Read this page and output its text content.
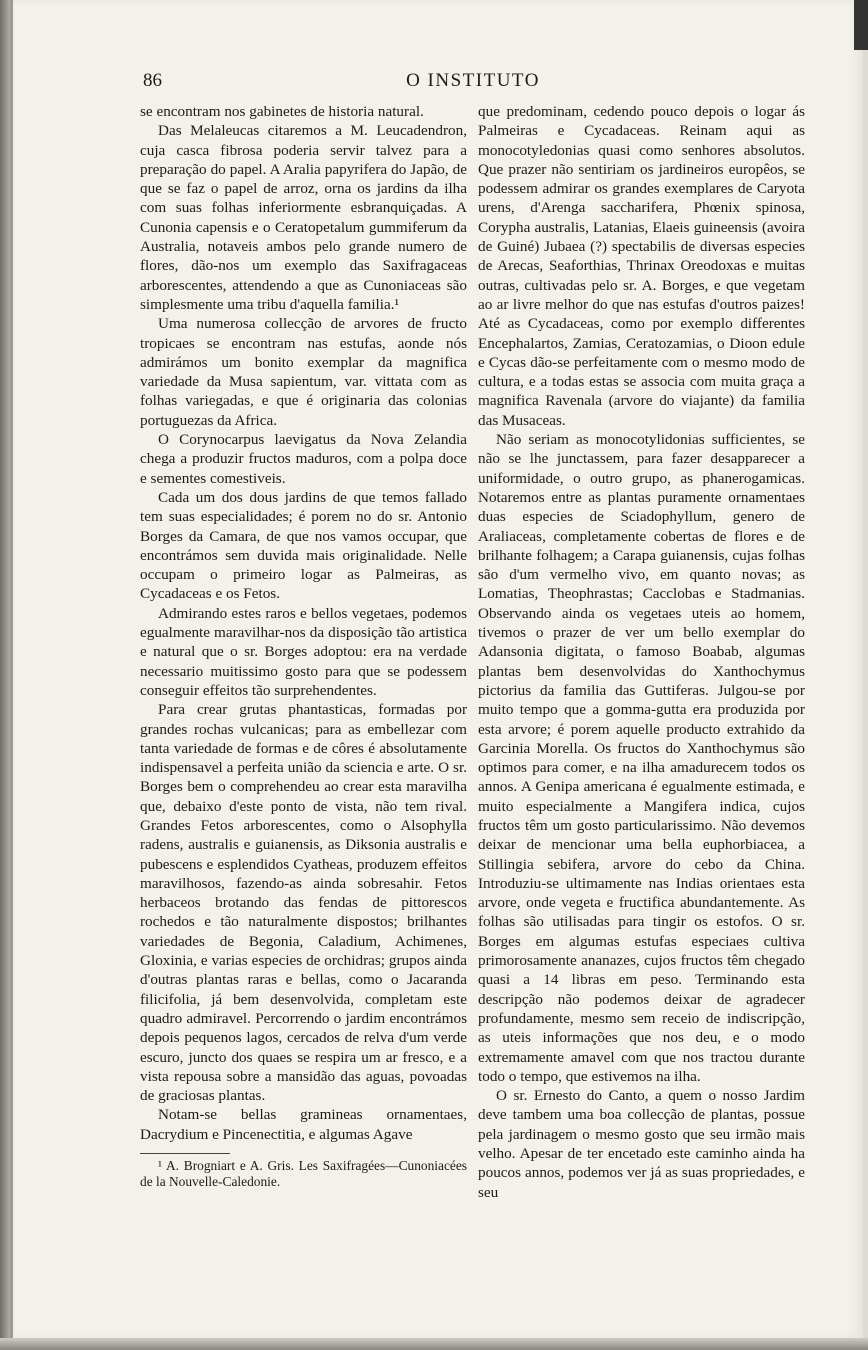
O INSTITUTO
86

se encontram nos gabinetes de historia natural.

Das Melaleucas citaremos a M. Leucadendron, cuja casca fibrosa poderia servir talvez para a preparação do papel. A Aralia papyrifera do Japão, de que se faz o papel de arroz, orna os jardins da ilha com suas folhas inferiormente esbranquiçadas. A Cunonia capensis e o Ceratopetalum gummiferum da Australia, notaveis ambos pelo grande numero de flores, dão-nos um exemplo das Saxifragaceas arborescentes, attendendo a que as Cunoniaceas são simplesmente uma tribu d'aquella familia.¹

Uma numerosa collecção de arvores de fructo tropicaes se encontram nas estufas, aonde nós admirámos um bonito exemplar da magnifica variedade da Musa sapientum, var. vittata com as folhas variegadas, e que é originaria das colonias portuguezas da Africa.

O Corynocarpus laevigatus da Nova Zelandia chega a produzir fructos maduros, com a polpa doce e sementes comestiveis.

Cada um dos dous jardins de que temos fallado tem suas especialidades; é porem no do sr. Antonio Borges da Camara, de que nos vamos occupar, que encontrámos sem duvida mais originalidade. Nelle occupam o primeiro logar as Palmeiras, as Cycadaceas e os Fetos.

Admirando estes raros e bellos vegetaes, podemos egualmente maravilhar-nos da disposição tão artistica e natural que o sr. Borges adoptou: era na verdade necessario muitissimo gosto para que se podessem conseguir effeitos tão surprehendentes.

Para crear grutas phantasticas, formadas por grandes rochas vulcanicas; para as embellezar com tanta variedade de formas e de côres é absolutamente indispensavel a perfeita união da sciencia e arte. O sr. Borges bem o comprehendeu ao crear esta maravilha que, debaixo d'este ponto de vista, não tem rival. Grandes Fetos arborescentes, como o Alsophylla radens, australis e guianensis, as Diksonia australis e pubescens e esplendidos Cyatheas, produzem effeitos maravilhosos, fazendo-as ainda sobresahir. Fetos herbaceos brotando das fendas de pittorescos rochedos e tão naturalmente dispostos; brilhantes variedades de Begonia, Caladium, Achimenes, Gloxinia, e varias especies de orchidras; grupos ainda d'outras plantas raras e bellas, como o Jacaranda filicifolia, já bem desenvolvida, completam este quadro admiravel. Percorrendo o jardim encontrámos depois pequenos lagos, cercados de relva d'um verde escuro, juncto dos quaes se respira um ar fresco, e a vista repousa sobre a mansidão das aguas, povoadas de graciosas plantas.

Notam-se bellas gramineas ornamentaes, Dacrydium e Pincenectitia, e algumas Agave

¹ A. Brogniart e A. Gris. Les Saxifragées—Cunoniacées de la Nouvelle-Caledonie.

que predominam, cedendo pouco depois o logar ás Palmeiras e Cycadaceas. Reinam aqui as monocotyledonias quasi como senhores absolutos. Que prazer não sentiriam os jardineiros europêos, se podessem admirar os grandes exemplares de Caryota urens, d'Arenga saccharifera, Phœnix spinosa, Corypha australis, Latanias, Elaeis guineensis (avoira de Guiné) Jubaea (?) spectabilis de diversas especies de Arecas, Seaforthias, Thrinax Oreodoxas e muitas outras, cultivadas pelo sr. A. Borges, e que vegetam ao ar livre melhor do que nas estufas d'outros paizes! Até as Cycadaceas, como por exemplo differentes Encephalartos, Zamias, Ceratozamias, o Dioon edule e Cycas dão-se perfeitamente com o mesmo modo de cultura, e a todas estas se associa com muita graça a magnifica Ravenala (arvore do viajante) da familia das Musaceas.

Não seriam as monocotylidonias sufficientes, se não se lhe junctassem, para fazer desapparecer a uniformidade, o outro grupo, as phanerogamicas. Notaremos entre as plantas puramente ornamentaes duas especies de Sciadophyllum, genero de Araliaceas, completamente cobertas de flores e de brilhante folhagem; a Carapa guianensis, cujas folhas são d'um vermelho vivo, em quanto novas; as Lomatias, Theophrastas; Cacclobas e Stadmanias. Observando ainda os vegetaes uteis ao homem, tivemos o prazer de ver um bello exemplar do Adansonia digitata, o famoso Boabab, algumas plantas bem desenvolvidas do Xanthochymus pictorius da familia das Guttiferas. Julgou-se por muito tempo que a gomma-gutta era produzida por esta arvore; é porem aquelle producto extrahido da Garcinia Morella. Os fructos do Xanthochymus são optimos para comer, e na ilha amadurecem todos os annos. A Genipa americana é egualmente estimada, e muito especialmente a Mangifera indica, cujos fructos têm um gosto particularissimo. Não devemos deixar de mencionar uma bella euphorbiacea, a Stillingia sebifera, arvore do cebo da China. Introduziu-se ultimamente nas Indias orientaes esta arvore, onde vegeta e fructifica abundantemente. As folhas são utilisadas para tingir os estofos. O sr. Borges em algumas estufas especiaes cultiva primorosamente ananazes, cujos fructos têm chegado quasi a 14 libras em peso. Terminando esta descripção não podemos deixar de agradecer profundamente, mesmo sem receio de indiscripção, as uteis informações que nos deu, e o modo extremamente amavel com que nos tractou durante todo o tempo, que estivemos na ilha.

O sr. Ernesto do Canto, a quem o nosso Jardim deve tambem uma boa collecção de plantas, possue pela jardinagem o mesmo gosto que seu irmão mais velho. Apesar de ter encetado este caminho ainda ha poucos annos, podemos ver já as suas propriedades, e seu
